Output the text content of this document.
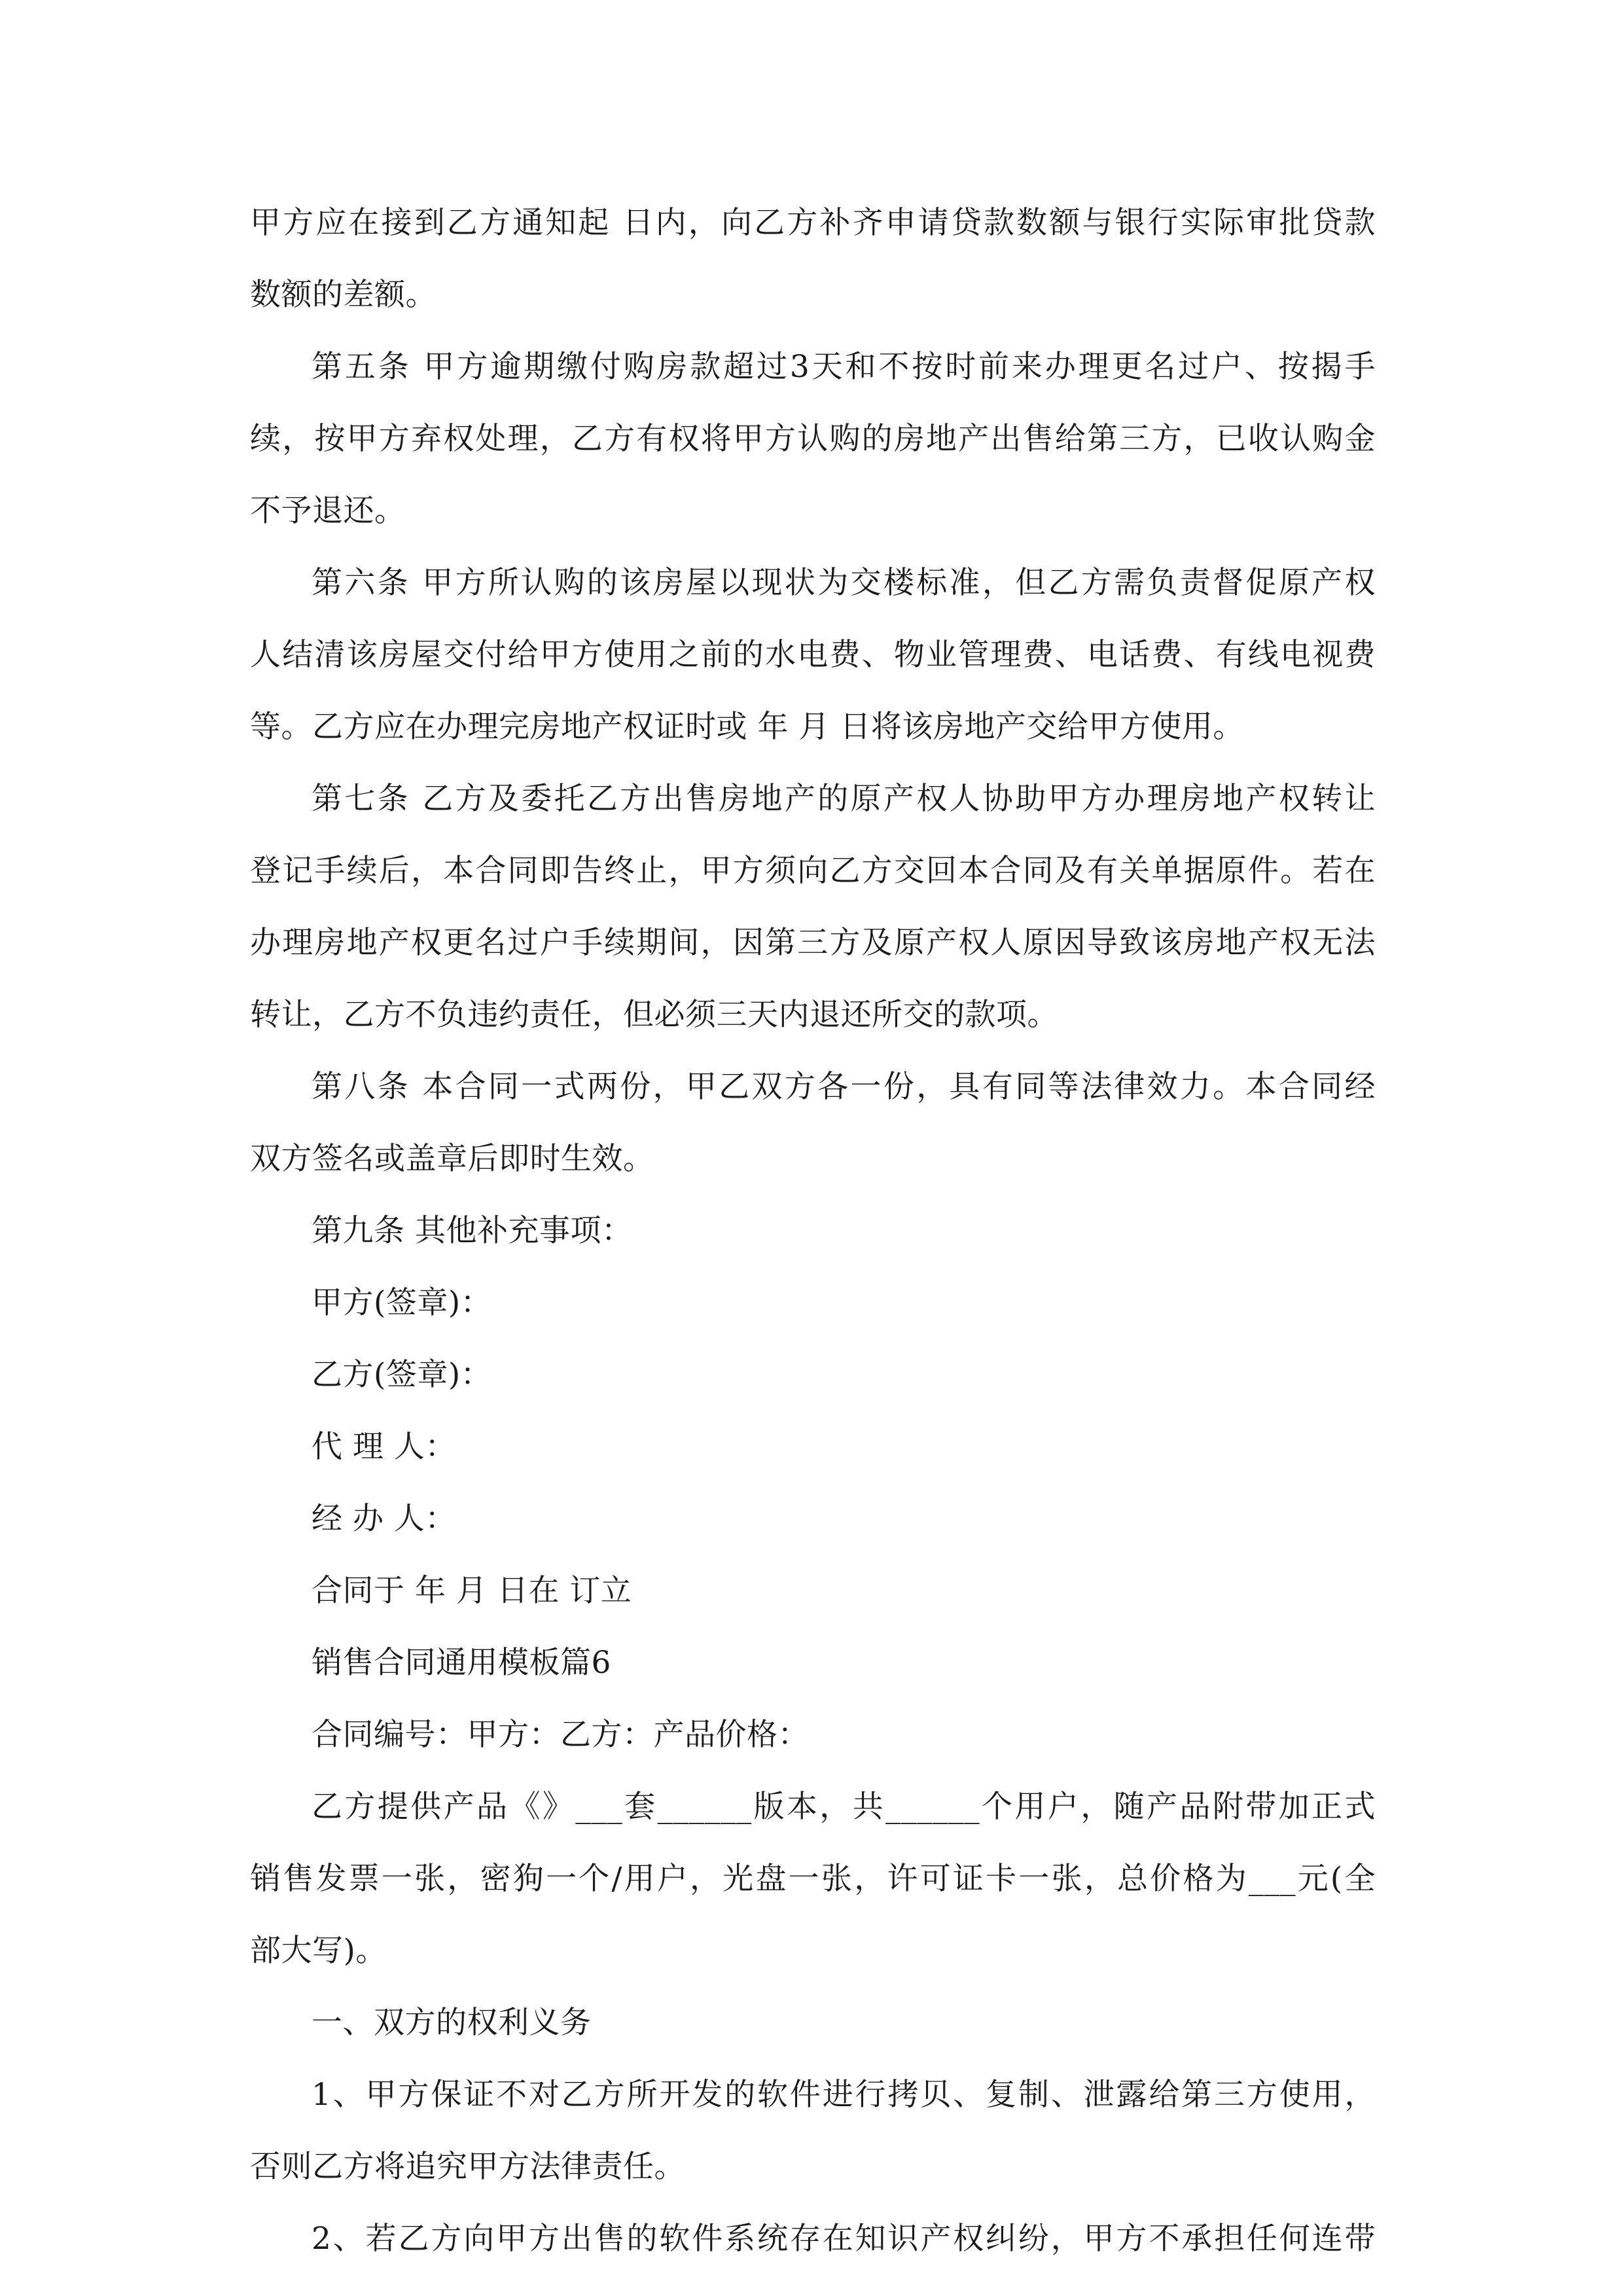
甲方应在接到乙方通知起 日内，向乙方补齐申请贷款数额与银行实际审批贷款
数额的差额。
第五条 甲方逾期缴付购房款超过3天和不按时前来办理更名过户、按揭手
续，按甲方弃权处理，乙方有权将甲方认购的房地产出售给第三方，已收认购金
不予退还。
第六条 甲方所认购的该房屋以现状为交楼标准，但乙方需负责督促原产权
人结清该房屋交付给甲方使用之前的水电费、物业管理费、电话费、有线电视费
等。乙方应在办理完房地产权证时或 年 月 日将该房地产交给甲方使用。
第七条 乙方及委托乙方出售房地产的原产权人协助甲方办理房地产权转让
登记手续后，本合同即告终止，甲方须向乙方交回本合同及有关单据原件。若在
办理房地产权更名过户手续期间，因第三方及原产权人原因导致该房地产权无法
转让，乙方不负违约责任，但必须三天内退还所交的款项。
第八条 本合同一式两份，甲乙双方各一份，具有同等法律效力。本合同经
双方签名或盖章后即时生效。
第九条 其他补充事项：
甲方(签章)：
乙方(签章)：
代 理 人：
经 办 人：
合同于 年 月 日在 订立
销售合同通用模板篇6
合同编号：甲方：乙方：产品价格：
乙方提供产品《》___套______版本，共______个用户，随产品附带加正式
销售发票一张，密狗一个/用户，光盘一张，许可证卡一张，总价格为___元(全
部大写)。
一、双方的权利义务
1、甲方保证不对乙方所开发的软件进行拷贝、复制、泄露给第三方使用，
否则乙方将追究甲方法律责任。
2、若乙方向甲方出售的软件系统存在知识产权纠纷，甲方不承担任何连带
